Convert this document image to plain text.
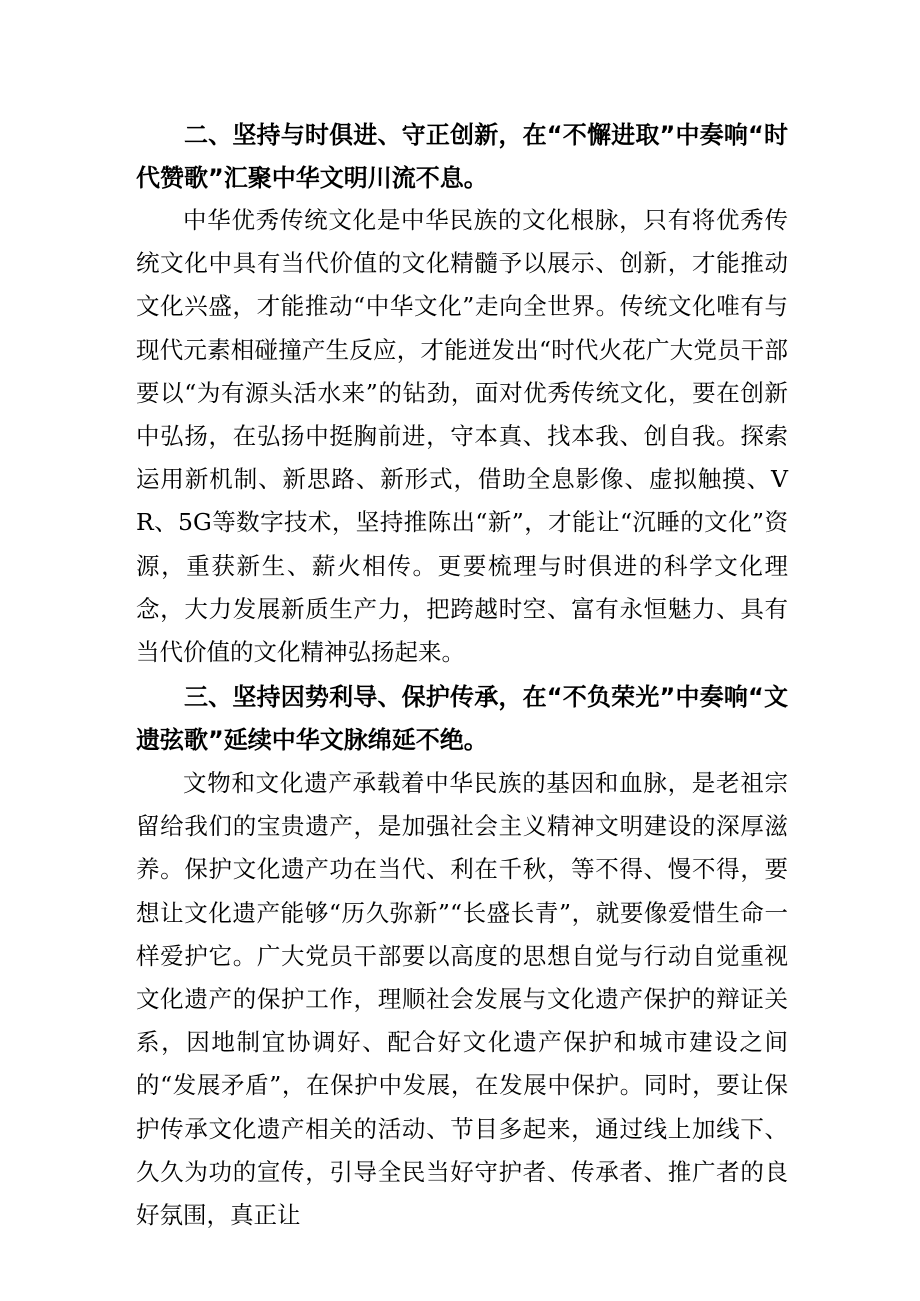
二、坚持与时俱进、守正创新，在“不懈进取”中奏响“时代赞歌”汇聚中华文明川流不息。

中华优秀传统文化是中华民族的文化根脉，只有将优秀传统文化中具有当代价值的文化精髓予以展示、创新，才能推动文化兴盛，才能推动“中华文化”走向全世界。传统文化唯有与现代元素相碰撞产生反应，才能迸发出“时代火花广大党员干部要以“为有源头活水来”的钻劲，面对优秀传统文化，要在创新中弘扬，在弘扬中挺胸前进，守本真、找本我、创自我。探索运用新机制、新思路、新形式，借助全息影像、虚拟触摸、VR、5G等数字技术，坚持推陈出“新”，才能让“沉睡的文化”资源，重获新生、薪火相传。更要梳理与时俱进的科学文化理念，大力发展新质生产力，把跨越时空、富有永恒魅力、具有当代价值的文化精神弘扬起来。

三、坚持因势利导、保护传承，在“不负荣光”中奏响“文遗弦歌”延续中华文脉绵延不绝。

文物和文化遗产承载着中华民族的基因和血脉，是老祖宗留给我们的宝贵遗产，是加强社会主义精神文明建设的深厚滋养。保护文化遗产功在当代、利在千秋，等不得、慢不得，要想让文化遗产能够“历久弥新”“长盛长青”，就要像爱惜生命一样爱护它。广大党员干部要以高度的思想自觉与行动自觉重视文化遗产的保护工作，理顺社会发展与文化遗产保护的辩证关系，因地制宜协调好、配合好文化遗产保护和城市建设之间的“发展矛盾”，在保护中发展，在发展中保护。同时，要让保护传承文化遗产相关的活动、节目多起来，通过线上加线下、久久为功的宣传，引导全民当好守护者、传承者、推广者的良好氛围，真正让
